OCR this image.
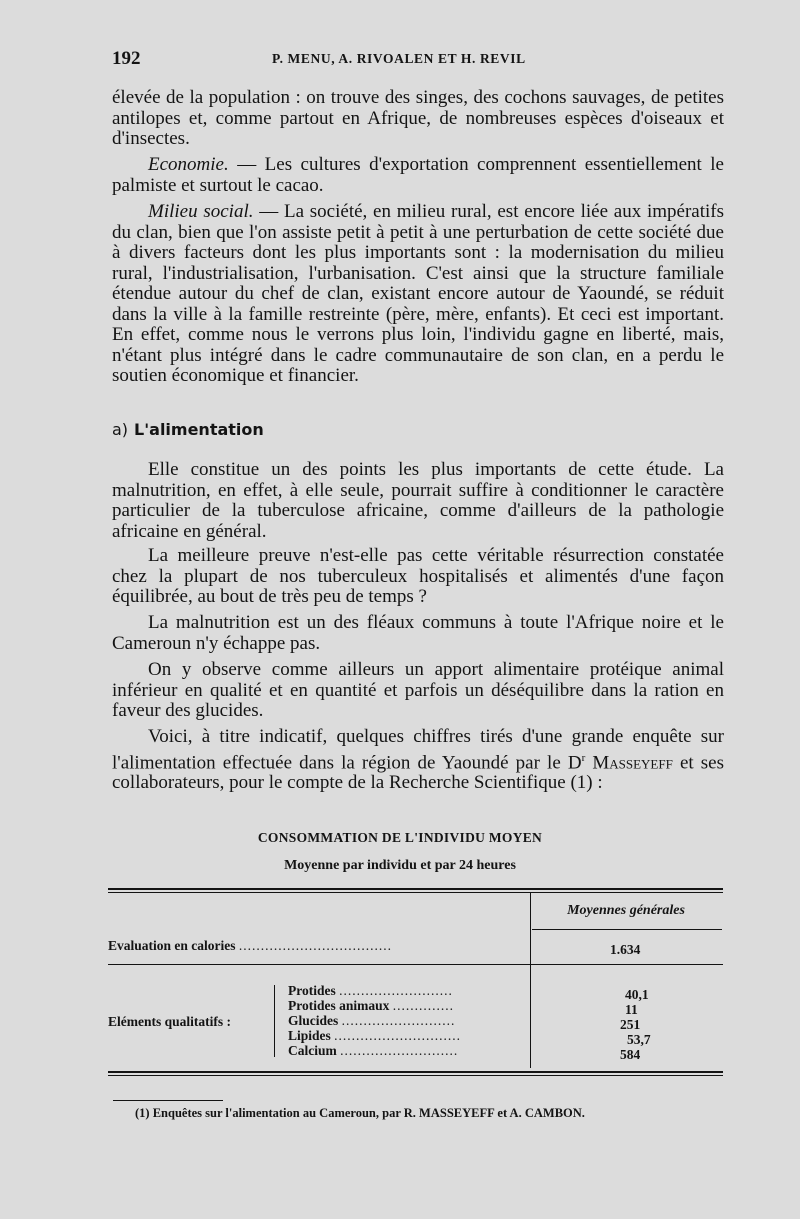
192	P. MENU, A. RIVOALEN ET H. REVIL

élevée de la population : on trouve des singes, des cochons sauvages, de petites antilopes et, comme partout en Afrique, de nombreuses espèces d'oiseaux et d'insectes.

Economie. — Les cultures d'exportation comprennent essentiellement le palmiste et surtout le cacao.

Milieu social. — La société, en milieu rural, est encore liée aux impératifs du clan, bien que l'on assiste petit à petit à une perturbation de cette société due à divers facteurs dont les plus importants sont : la modernisation du milieu rural, l'industrialisation, l'urbanisation. C'est ainsi que la structure familiale étendue autour du chef de clan, existant encore autour de Yaoundé, se réduit dans la ville à la famille restreinte (père, mère, enfants). Et ceci est important. En effet, comme nous le verrons plus loin, l'individu gagne en liberté, mais, n'étant plus intégré dans le cadre communautaire de son clan, en a perdu le soutien économique et financier.

a) L'alimentation

Elle constitue un des points les plus importants de cette étude. La malnutrition, en effet, à elle seule, pourrait suffire à conditionner le caractère particulier de la tuberculose africaine, comme d'ailleurs de la pathologie africaine en général.

La meilleure preuve n'est-elle pas cette véritable résurrection constatée chez la plupart de nos tuberculeux hospitalisés et alimentés d'une façon équilibrée, au bout de très peu de temps ?

La malnutrition est un des fléaux communs à toute l'Afrique noire et le Cameroun n'y échappe pas.

On y observe comme ailleurs un apport alimentaire protéique animal inférieur en qualité et en quantité et parfois un déséquilibre dans la ration en faveur des glucides.

Voici, à titre indicatif, quelques chiffres tirés d'une grande enquête sur l'alimentation effectuée dans la région de Yaoundé par le $D^r$ Masseyeff et ses collaborateurs, pour le compte de la Recherche Scientifique (1) :

CONSOMMATION DE L'INDIVIDU MOYEN
Moyenne par individu et par 24 heures
Moyennes générales
Evaluation en calories ...................................	1.634
Eléments qualitatifs :
Protides ..........................	40,1
Protides animaux ..............	11
Glucides ..........................	251
Lipides .............................	53,7
Calcium ...........................	584
(1) Enquêtes sur l'alimentation au Cameroun, par R. MASSEYEFF et A. CAMBON.
